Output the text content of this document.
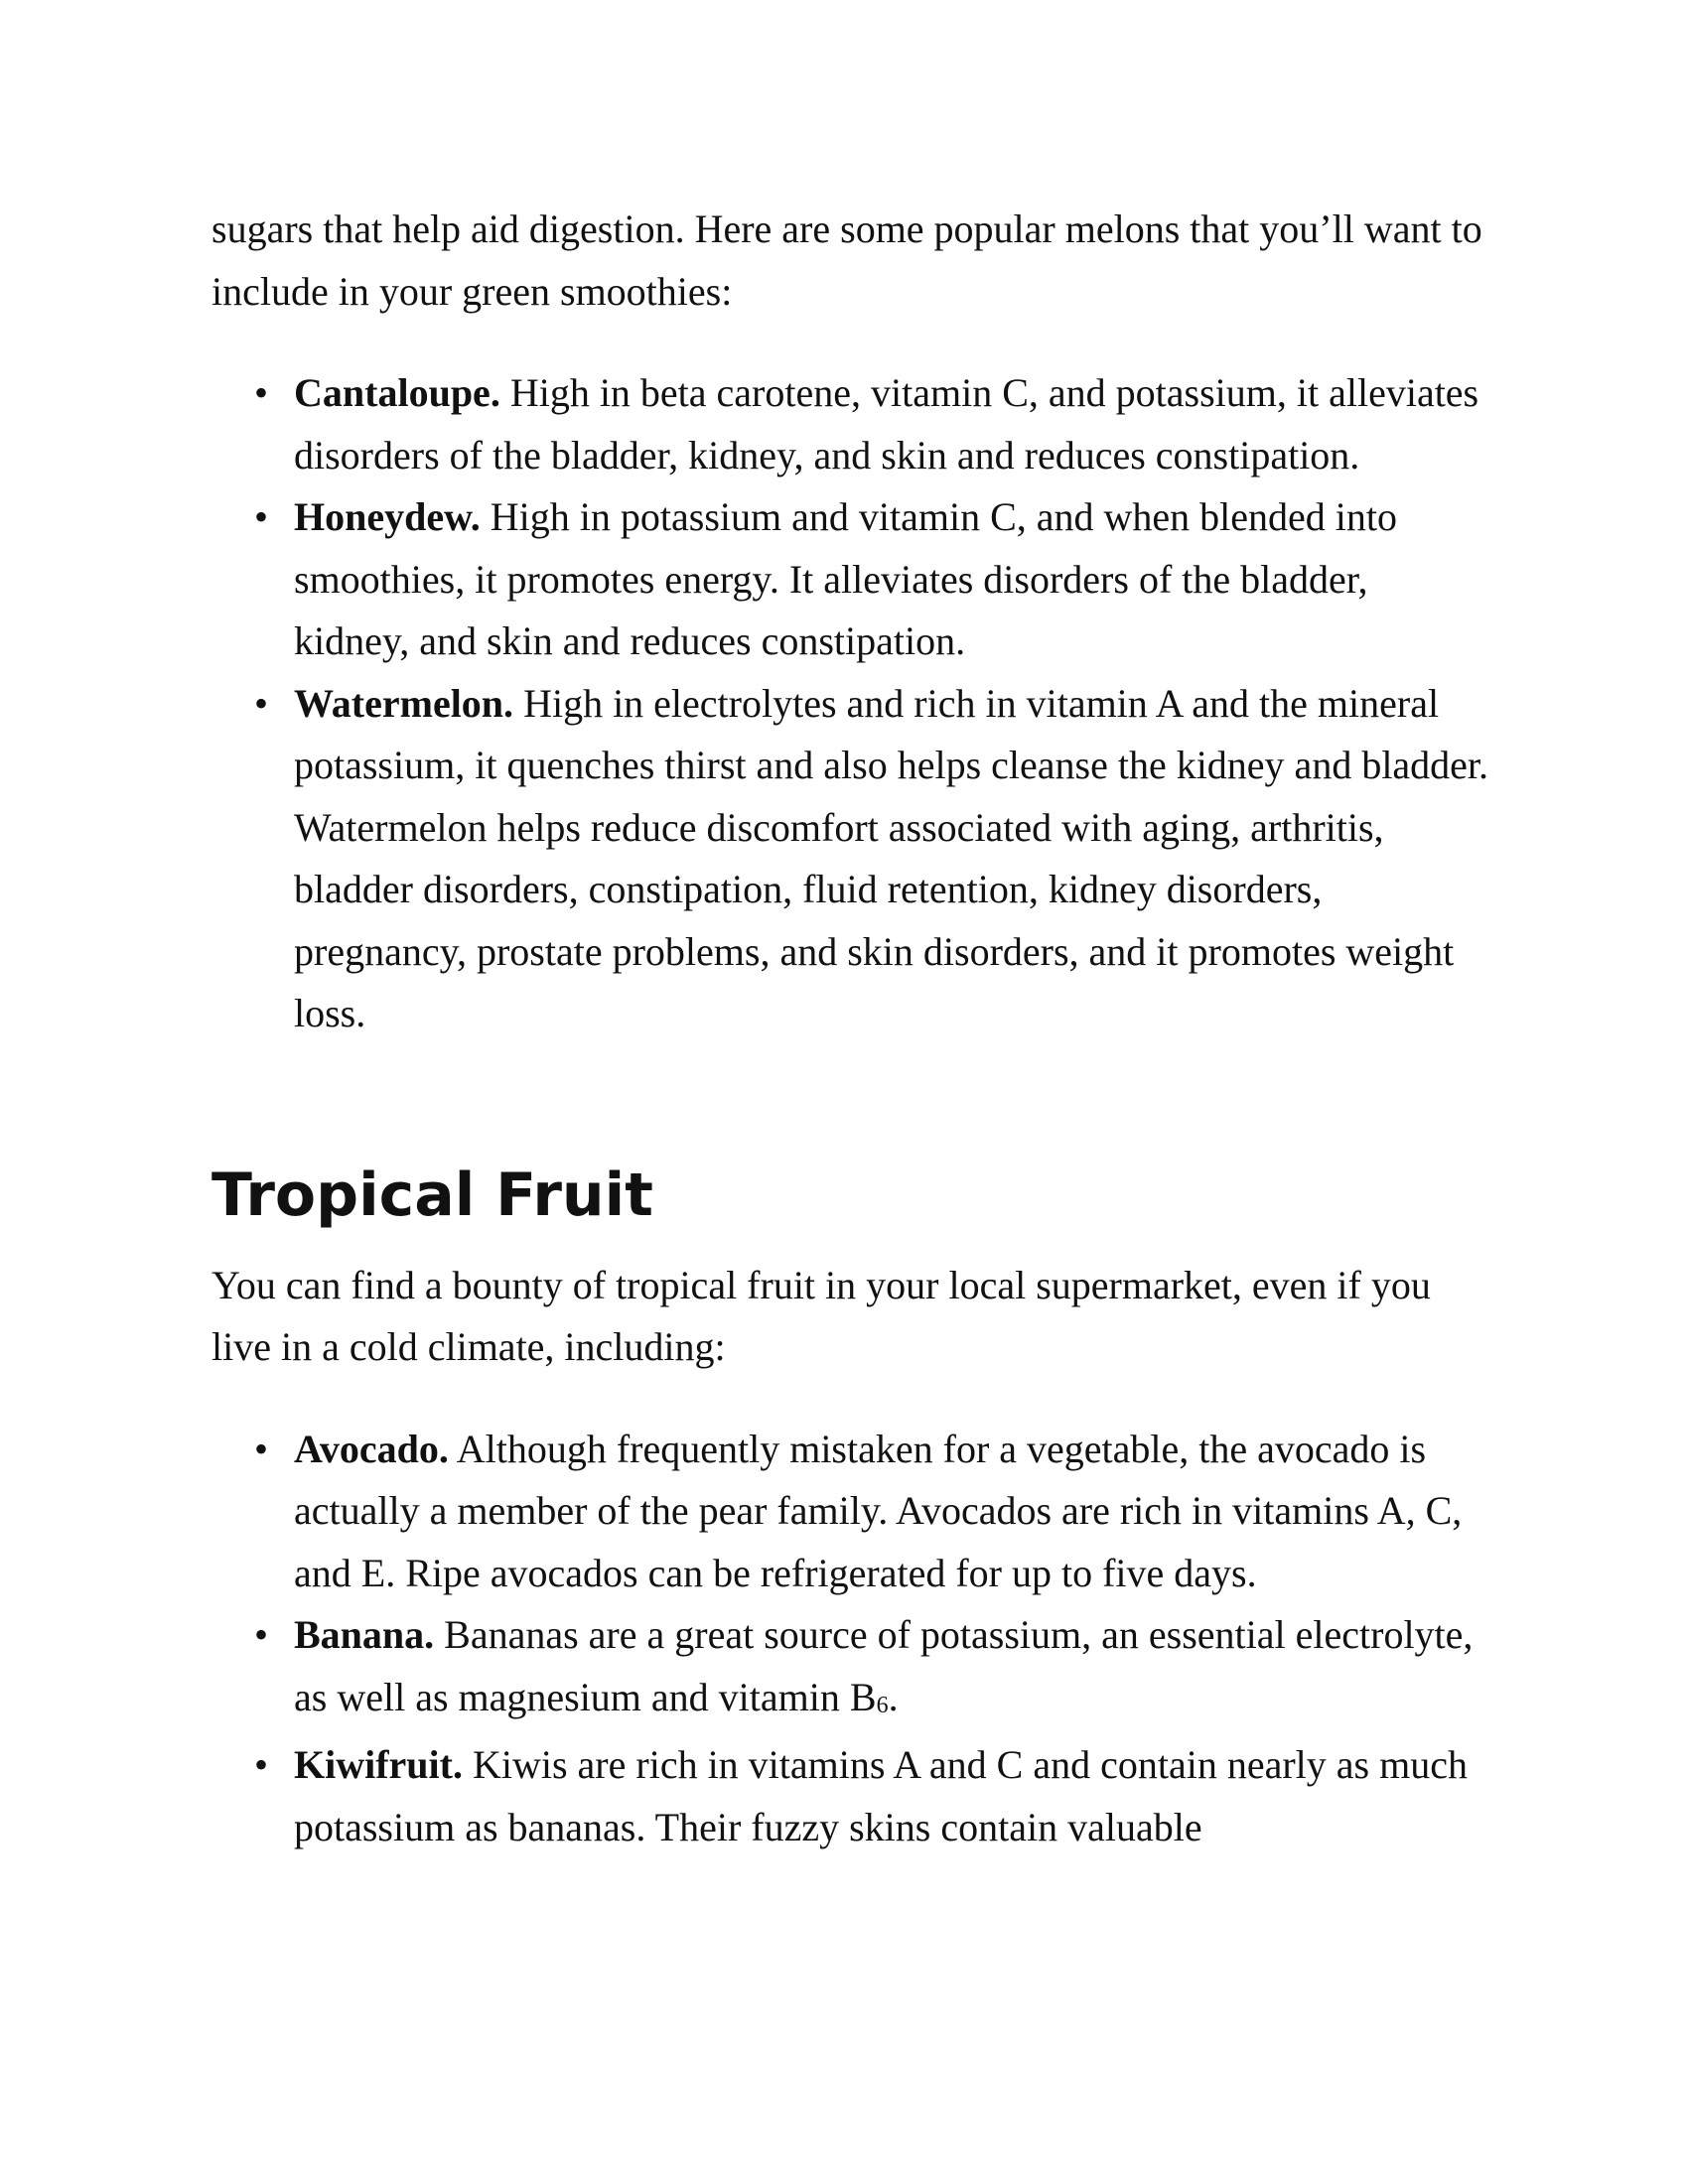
sugars that help aid digestion. Here are some popular melons that you’ll want to include in your green smoothies:

• Cantaloupe. High in beta carotene, vitamin C, and potassium, it alleviates disorders of the bladder, kidney, and skin and reduces constipation.
• Honeydew. High in potassium and vitamin C, and when blended into smoothies, it promotes energy. It alleviates disorders of the bladder, kidney, and skin and reduces constipation.
• Watermelon. High in electrolytes and rich in vitamin A and the mineral potassium, it quenches thirst and also helps cleanse the kidney and bladder. Watermelon helps reduce discomfort associated with aging, arthritis, bladder disorders, constipation, fluid retention, kidney disorders, pregnancy, prostate problems, and skin disorders, and it promotes weight loss.
Tropical Fruit

You can find a bounty of tropical fruit in your local supermarket, even if you live in a cold climate, including:

• Avocado. Although frequently mistaken for a vegetable, the avocado is actually a member of the pear family. Avocados are rich in vitamins A, C, and E. Ripe avocados can be refrigerated for up to five days.
• Banana. Bananas are a great source of potassium, an essential electrolyte, as well as magnesium and vitamin $B_6$.
• Kiwifruit. Kiwis are rich in vitamins A and C and contain nearly as much potassium as bananas. Their fuzzy skins contain valuable
